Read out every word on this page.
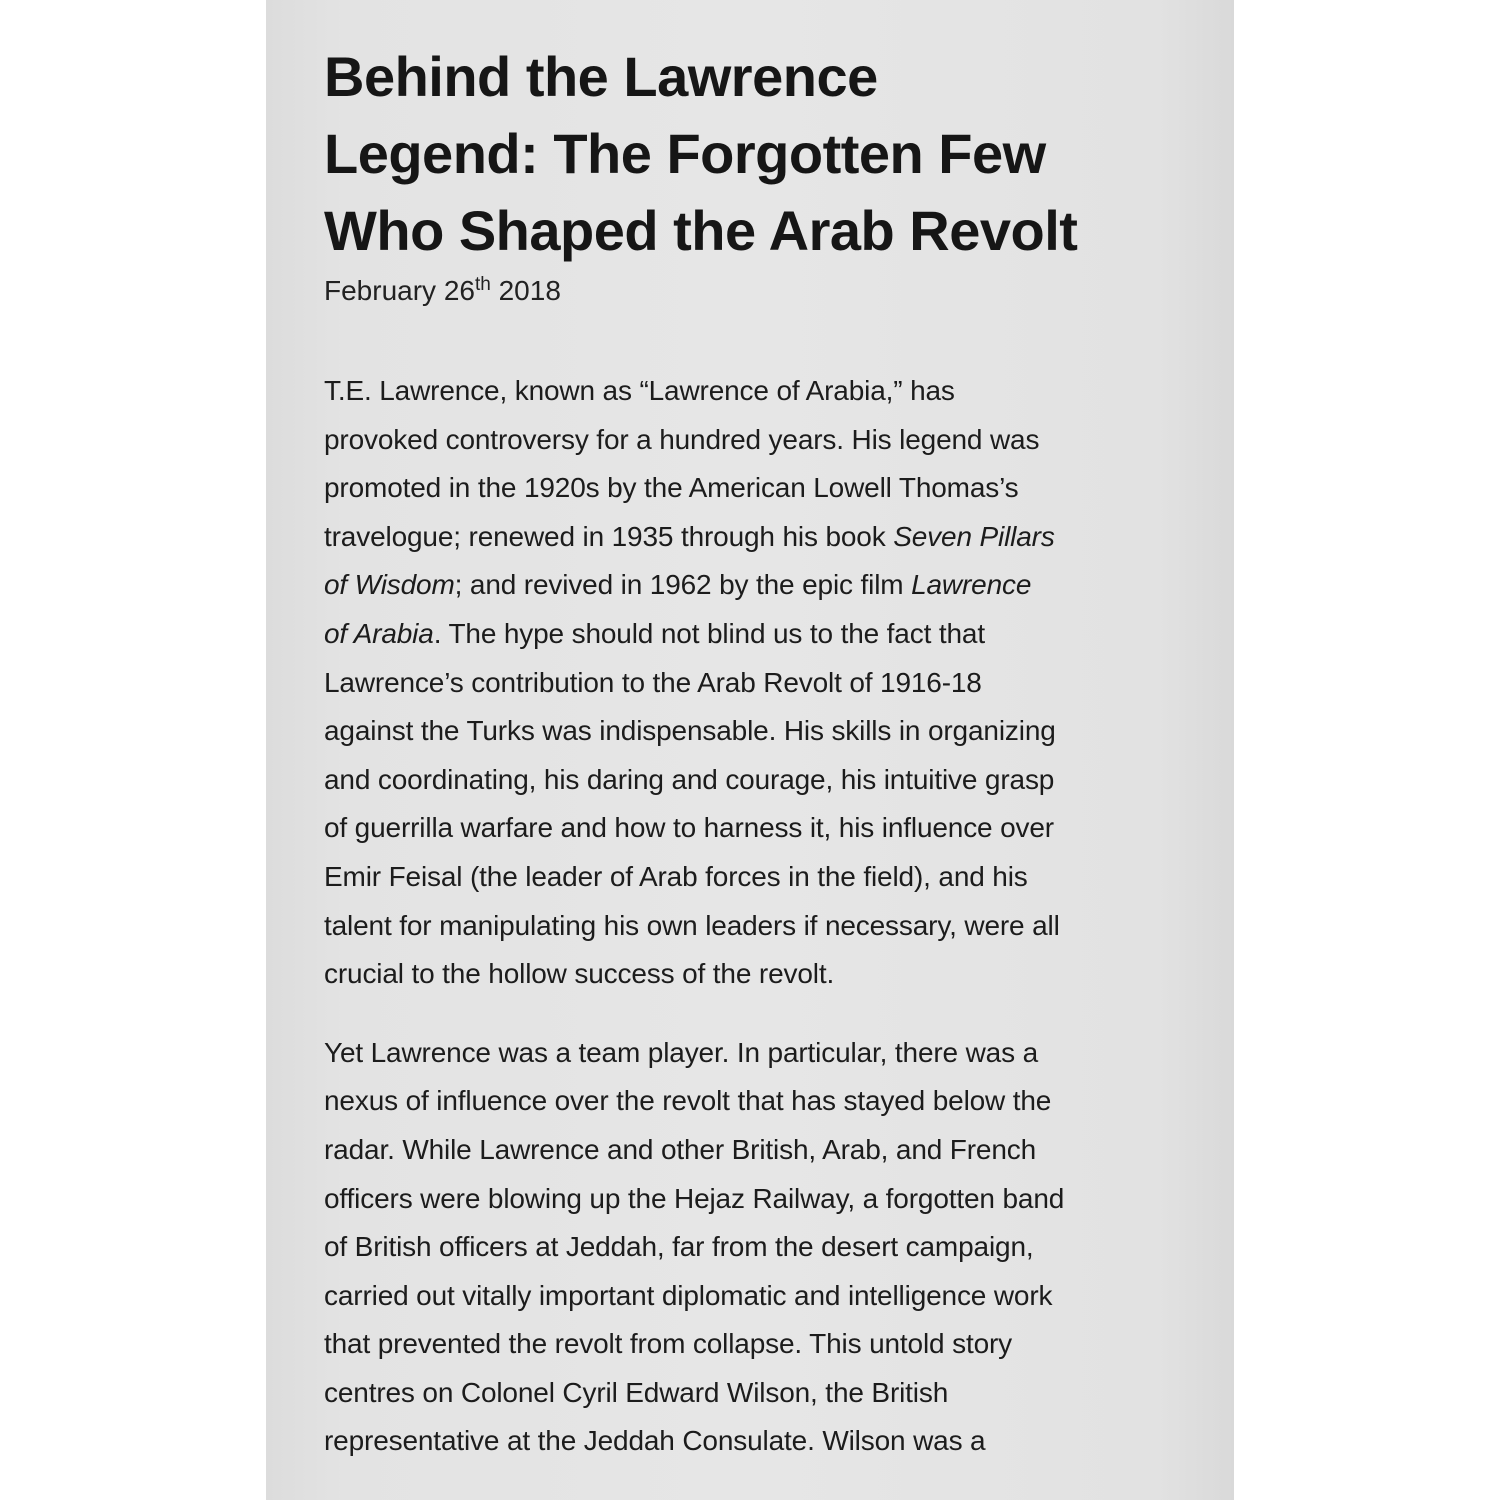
Behind the Lawrence
Legend: The Forgotten Few
Who Shaped the Arab Revolt

February 26th 2018

T.E. Lawrence, known as “Lawrence of Arabia,” has
provoked controversy for a hundred years. His legend was
promoted in the 1920s by the American Lowell Thomas’s
travelogue; renewed in 1935 through his book Seven Pillars
of Wisdom; and revived in 1962 by the epic film Lawrence
of Arabia. The hype should not blind us to the fact that
Lawrence’s contribution to the Arab Revolt of 1916-18
against the Turks was indispensable. His skills in organizing
and coordinating, his daring and courage, his intuitive grasp
of guerrilla warfare and how to harness it, his influence over
Emir Feisal (the leader of Arab forces in the field), and his
talent for manipulating his own leaders if necessary, were all
crucial to the hollow success of the revolt.

Yet Lawrence was a team player. In particular, there was a
nexus of influence over the revolt that has stayed below the
radar. While Lawrence and other British, Arab, and French
officers were blowing up the Hejaz Railway, a forgotten band
of British officers at Jeddah, far from the desert campaign,
carried out vitally important diplomatic and intelligence work
that prevented the revolt from collapse. This untold story
centres on Colonel Cyril Edward Wilson, the British
representative at the Jeddah Consulate. Wilson was a
